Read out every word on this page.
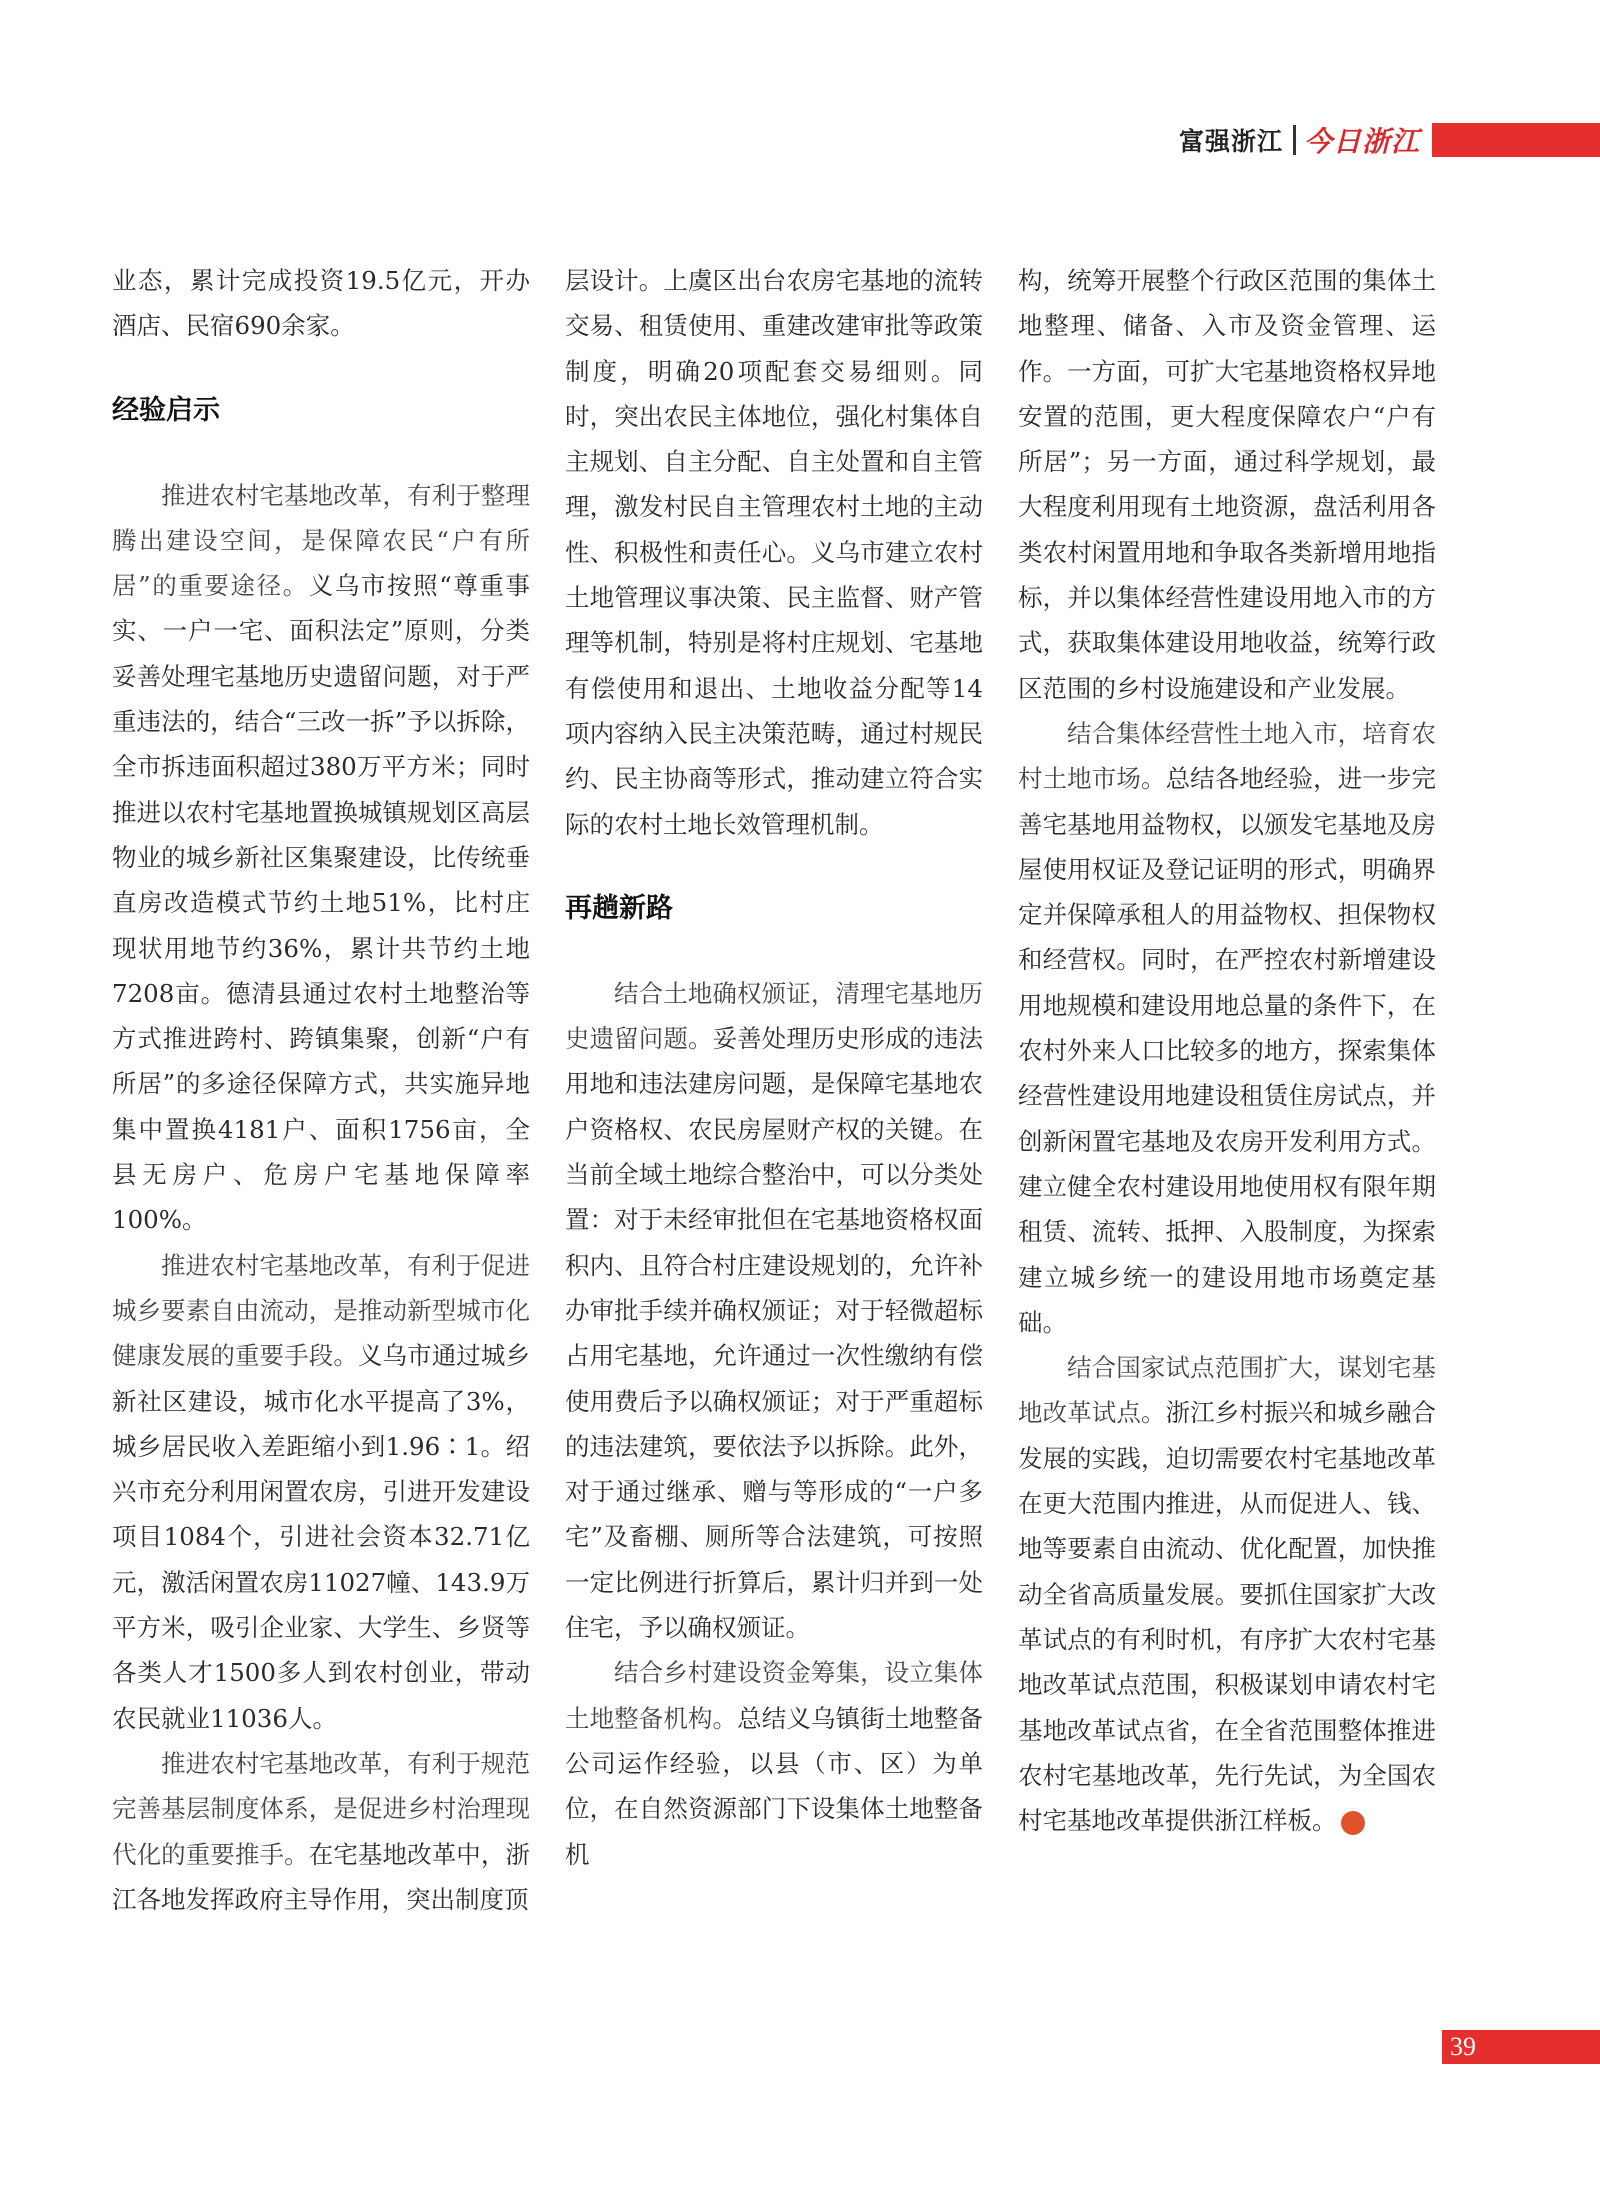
富强浙江 今日浙江

业态，累计完成投资19.5亿元，开办酒店、民宿690余家。

经验启示

推进农村宅基地改革，有利于整理腾出建设空间，是保障农民“户有所居”的重要途径。义乌市按照“尊重事实、一户一宅、面积法定”原则，分类妥善处理宅基地历史遗留问题，对于严重违法的，结合“三改一拆”予以拆除，全市拆违面积超过380万平方米；同时推进以农村宅基地置换城镇规划区高层物业的城乡新社区集聚建设，比传统垂直房改造模式节约土地51%，比村庄现状用地节约36%，累计共节约土地7208亩。德清县通过农村土地整治等方式推进跨村、跨镇集聚，创新“户有所居”的多途径保障方式，共实施异地集中置换4181户、面积1756亩，全县无房户、危房户宅基地保障率100%。

推进农村宅基地改革，有利于促进城乡要素自由流动，是推动新型城市化健康发展的重要手段。义乌市通过城乡新社区建设，城市化水平提高了3%，城乡居民收入差距缩小到1.96∶1。绍兴市充分利用闲置农房，引进开发建设项目1084个，引进社会资本32.71亿元，激活闲置农房11027幢、143.9万平方米，吸引企业家、大学生、乡贤等各类人才1500多人到农村创业，带动农民就业11036人。

推进农村宅基地改革，有利于规范完善基层制度体系，是促进乡村治理现代化的重要推手。在宅基地改革中，浙江各地发挥政府主导作用，突出制度顶

层设计。上虞区出台农房宅基地的流转交易、租赁使用、重建改建审批等政策制度，明确20项配套交易细则。同时，突出农民主体地位，强化村集体自主规划、自主分配、自主处置和自主管理，激发村民自主管理农村土地的主动性、积极性和责任心。义乌市建立农村土地管理议事决策、民主监督、财产管理等机制，特别是将村庄规划、宅基地有偿使用和退出、土地收益分配等14项内容纳入民主决策范畴，通过村规民约、民主协商等形式，推动建立符合实际的农村土地长效管理机制。

再趟新路

结合土地确权颁证，清理宅基地历史遗留问题。妥善处理历史形成的违法用地和违法建房问题，是保障宅基地农户资格权、农民房屋财产权的关键。在当前全域土地综合整治中，可以分类处置：对于未经审批但在宅基地资格权面积内、且符合村庄建设规划的，允许补办审批手续并确权颁证；对于轻微超标占用宅基地，允许通过一次性缴纳有偿使用费后予以确权颁证；对于严重超标的违法建筑，要依法予以拆除。此外，对于通过继承、赠与等形成的“一户多宅”及畜棚、厕所等合法建筑，可按照一定比例进行折算后，累计归并到一处住宅，予以确权颁证。

结合乡村建设资金筹集，设立集体土地整备机构。总结义乌镇街土地整备公司运作经验，以县（市、区）为单位，在自然资源部门下设集体土地整备机

构，统筹开展整个行政区范围的集体土地整理、储备、入市及资金管理、运作。一方面，可扩大宅基地资格权异地安置的范围，更大程度保障农户“户有所居”；另一方面，通过科学规划，最大程度利用现有土地资源，盘活利用各类农村闲置用地和争取各类新增用地指标，并以集体经营性建设用地入市的方式，获取集体建设用地收益，统筹行政区范围的乡村设施建设和产业发展。

结合集体经营性土地入市，培育农村土地市场。总结各地经验，进一步完善宅基地用益物权，以颁发宅基地及房屋使用权证及登记证明的形式，明确界定并保障承租人的用益物权、担保物权和经营权。同时，在严控农村新增建设用地规模和建设用地总量的条件下，在农村外来人口比较多的地方，探索集体经营性建设用地建设租赁住房试点，并创新闲置宅基地及农房开发利用方式。建立健全农村建设用地使用权有限年期租赁、流转、抵押、入股制度，为探索建立城乡统一的建设用地市场奠定基础。

结合国家试点范围扩大，谋划宅基地改革试点。浙江乡村振兴和城乡融合发展的实践，迫切需要农村宅基地改革在更大范围内推进，从而促进人、钱、地等要素自由流动、优化配置，加快推动全省高质量发展。要抓住国家扩大改革试点的有利时机，有序扩大农村宅基地改革试点范围，积极谋划申请农村宅基地改革试点省，在全省范围整体推进农村宅基地改革，先行先试，为全国农村宅基地改革提供浙江样板。	今

39
